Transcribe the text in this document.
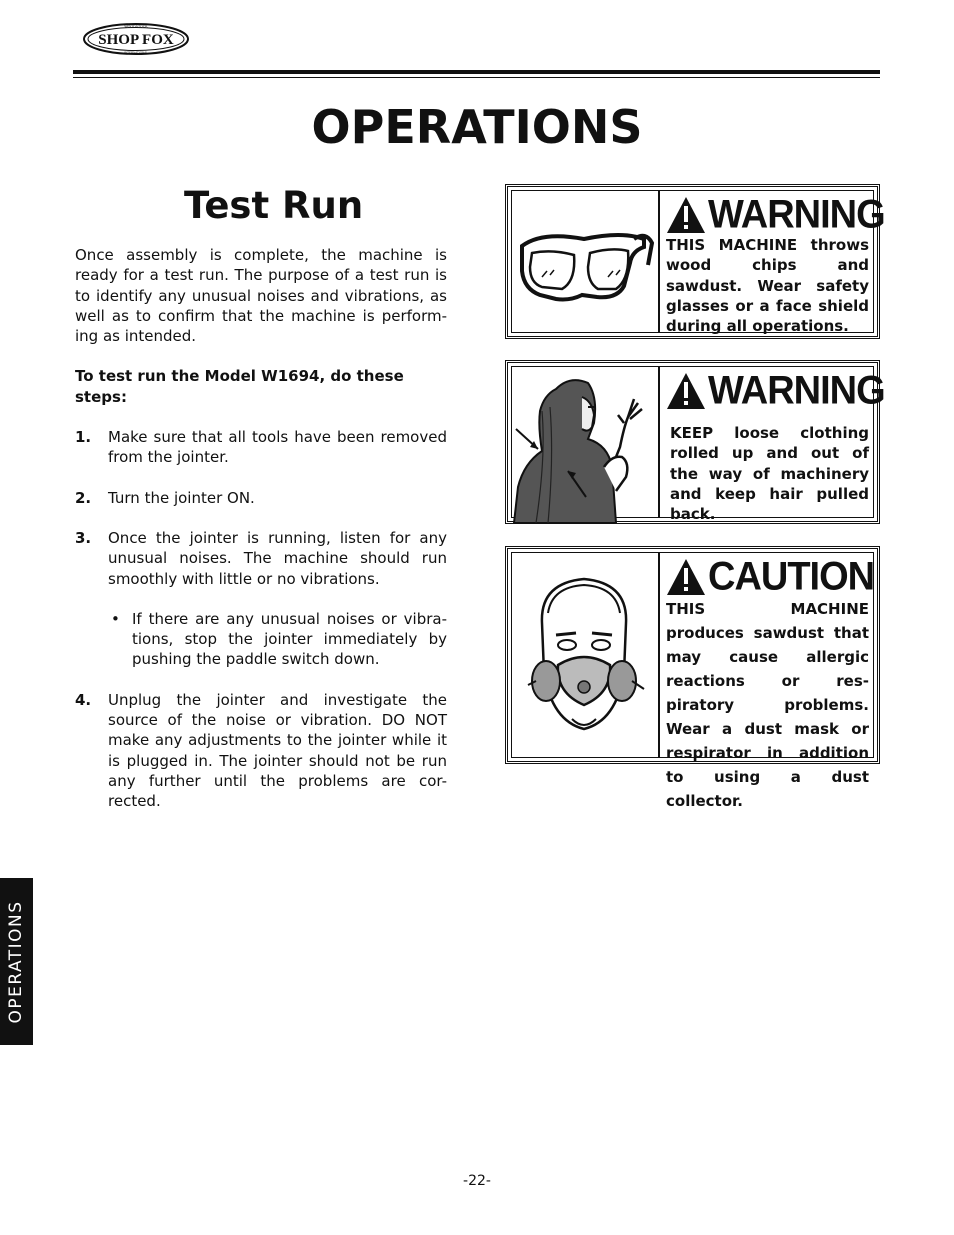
SHOP FOX
WOODSTOCK
INTERNATIONAL
OPERATIONS
Test Run

Once assembly is complete, the machine is ready for a test run. The purpose of a test run is to identify any unusual noises and vibrations, as well as to confirm that the machine is perform-ing as intended.

To test run the Model W1694, do these steps:

1. Make sure that all tools have been removed from the jointer.
2. Turn the jointer ON.
3. Once the jointer is running, listen for any unusual noises. The machine should run smoothly with little or no vibrations.
• If there are any unusual noises or vibra-tions, stop the jointer immediately by pushing the paddle switch down.
4. Unplug the jointer and investigate the source of the noise or vibration. DO NOT make any adjustments to the jointer while it is plugged in. The jointer should not be run any further until the problems are cor-rected.
WARNING
THIS MACHINE throws wood chips and sawdust. Wear safety glasses or a face shield during all operations.
WARNING
KEEP loose clothing rolled up and out of the way of machinery and keep hair pulled back.
CAUTION
THIS MACHINE produces sawdust that may cause allergic reactions or res-piratory problems. Wear a dust mask or respirator in addition to using a dust collector.
OPERATIONS
-22-
